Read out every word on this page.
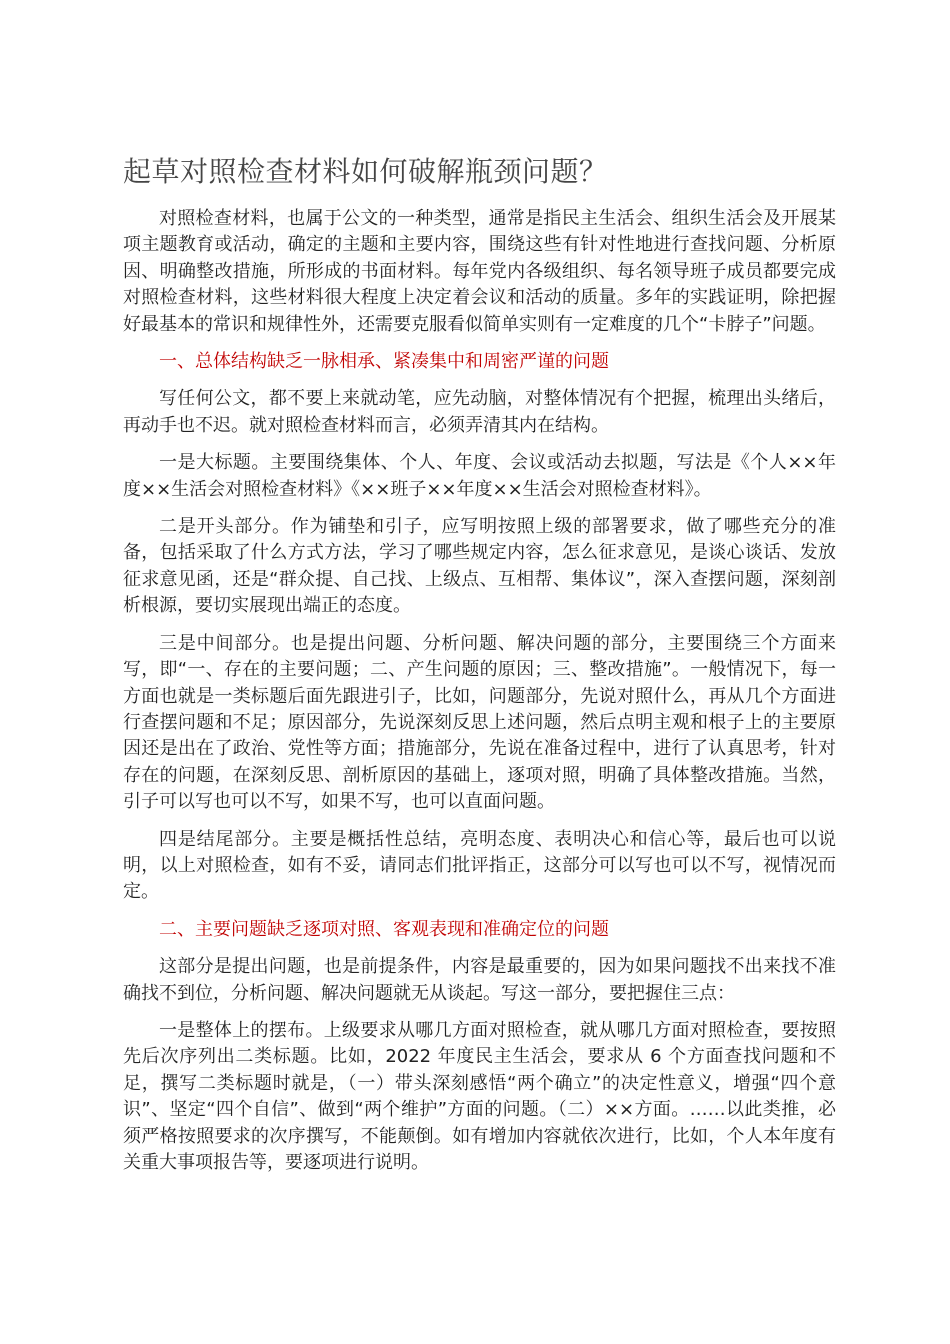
起草对照检查材料如何破解瓶颈问题？

对照检查材料，也属于公文的一种类型，通常是指民主生活会、组织生活会及开展某项主题教育或活动，确定的主题和主要内容，围绕这些有针对性地进行查找问题、分析原因、明确整改措施，所形成的书面材料。每年党内各级组织、每名领导班子成员都要完成对照检查材料，这些材料很大程度上决定着会议和活动的质量。多年的实践证明，除把握好最基本的常识和规律性外，还需要克服看似简单实则有一定难度的几个“卡脖子”问题。

一、总体结构缺乏一脉相承、紧凑集中和周密严谨的问题

写任何公文，都不要上来就动笔，应先动脑，对整体情况有个把握，梳理出头绪后，再动手也不迟。就对照检查材料而言，必须弄清其内在结构。

一是大标题。主要围绕集体、个人、年度、会议或活动去拟题，写法是《个人××年度××生活会对照检查材料》《××班子××年度××生活会对照检查材料》。

二是开头部分。作为铺垫和引子，应写明按照上级的部署要求，做了哪些充分的准备，包括采取了什么方式方法，学习了哪些规定内容，怎么征求意见，是谈心谈话、发放征求意见函，还是“群众提、自己找、上级点、互相帮、集体议”，深入查摆问题，深刻剖析根源，要切实展现出端正的态度。

三是中间部分。也是提出问题、分析问题、解决问题的部分，主要围绕三个方面来写，即“一、存在的主要问题；二、产生问题的原因；三、整改措施”。一般情况下，每一方面也就是一类标题后面先跟进引子，比如，问题部分，先说对照什么，再从几个方面进行查摆问题和不足；原因部分，先说深刻反思上述问题，然后点明主观和根子上的主要原因还是出在了政治、党性等方面；措施部分，先说在准备过程中，进行了认真思考，针对存在的问题，在深刻反思、剖析原因的基础上，逐项对照，明确了具体整改措施。当然，引子可以写也可以不写，如果不写，也可以直面问题。

四是结尾部分。主要是概括性总结，亮明态度、表明决心和信心等，最后也可以说明，以上对照检查，如有不妥，请同志们批评指正，这部分可以写也可以不写，视情况而定。

二、主要问题缺乏逐项对照、客观表现和准确定位的问题

这部分是提出问题，也是前提条件，内容是最重要的，因为如果问题找不出来找不准确找不到位，分析问题、解决问题就无从谈起。写这一部分，要把握住三点：

一是整体上的摆布。上级要求从哪几方面对照检查，就从哪几方面对照检查，要按照先后次序列出二类标题。比如，2022 年度民主生活会，要求从 6 个方面查找问题和不足，撰写二类标题时就是，（一）带头深刻感悟“两个确立”的决定性意义，增强“四个意识”、坚定“四个自信”、做到“两个维护”方面的问题。（二）××方面。……以此类推，必须严格按照要求的次序撰写，不能颠倒。如有增加内容就依次进行，比如，个人本年度有关重大事项报告等，要逐项进行说明。
